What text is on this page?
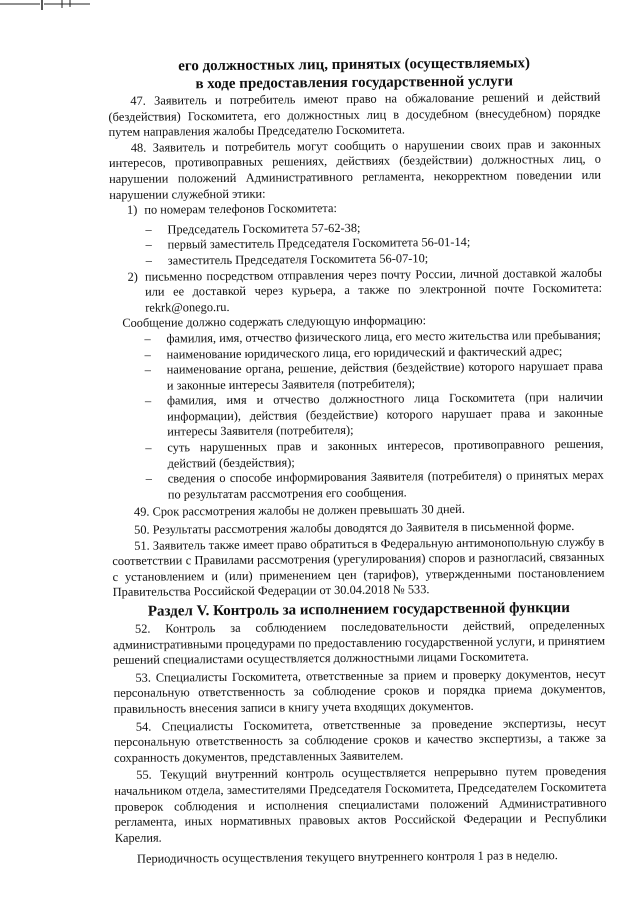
его должностных лиц, принятых (осуществляемых)

в ходе предоставления государственной услуги

47. Заявитель и потребитель имеют право на обжалование решений и действий (бездействия) Госкомитета, его должностных лиц в досудебном (внесудебном) порядке путем направления жалобы Председателю Госкомитета.

48. Заявитель и потребитель могут сообщить о нарушении своих прав и законных интересов, противоправных решениях, действиях (бездействии) должностных лиц, о нарушении положений Административного регламента, некорректном поведении или нарушении служебной этики:

1) по номерам телефонов Госкомитета:
–	Председатель Госкомитета 57-62-38;
–	первый заместитель Председателя Госкомитета 56-01-14;
–	заместитель Председателя Госкомитета 56-07-10;
2) письменно посредством отправления через почту России, личной доставкой жалобы или ее доставкой через курьера, а также по электронной почте Госкомитета: rekrk@onego.ru.

Сообщение должно содержать следующую информацию:

–	фамилия, имя, отчество физического лица, его место жительства или пребывания;
–	наименование юридического лица, его юридический и фактический адрес;
–	наименование органа, решение, действия (бездействие) которого нарушает права и законные интересы Заявителя (потребителя);
–	фамилия, имя и отчество должностного лица Госкомитета (при наличии информации), действия (бездействие) которого нарушает права и законные интересы Заявителя (потребителя);
–	суть нарушенных прав и законных интересов, противоправного решения, действий (бездействия);
–	сведения о способе информирования Заявителя (потребителя) о принятых мерах по результатам рассмотрения его сообщения.

49. Срок рассмотрения жалобы не должен превышать 30 дней.

50. Результаты рассмотрения жалобы доводятся до Заявителя в письменной форме.

51. Заявитель также имеет право обратиться в Федеральную антимонопольную службу в соответствии с Правилами рассмотрения (урегулирования) споров и разногласий, связанных с установлением и (или) применением цен (тарифов), утвержденными постановлением Правительства Российской Федерации от 30.04.2018 № 533.

Раздел V. Контроль за исполнением государственной функции

52. Контроль за соблюдением последовательности действий, определенных административными процедурами по предоставлению государственной услуги, и принятием решений специалистами осуществляется должностными лицами Госкомитета.

53. Специалисты Госкомитета, ответственные за прием и проверку документов, несут персональную ответственность за соблюдение сроков и порядка приема документов, правильность внесения записи в книгу учета входящих документов.

54. Специалисты Госкомитета, ответственные за проведение экспертизы, несут персональную ответственность за соблюдение сроков и качество экспертизы, а также за сохранность документов, представленных Заявителем.

55. Текущий внутренний контроль осуществляется непрерывно путем проведения начальником отдела, заместителями Председателя Госкомитета, Председателем Госкомитета проверок соблюдения и исполнения специалистами положений Административного регламента, иных нормативных правовых актов Российской Федерации и Республики Карелия.

Периодичность осуществления текущего внутреннего контроля 1 раз в неделю.
